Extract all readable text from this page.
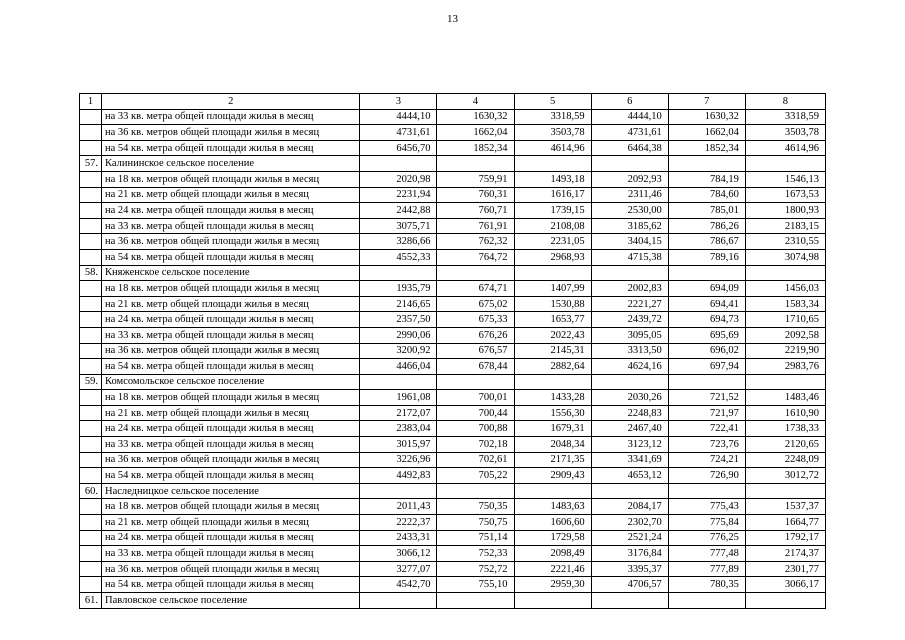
13
1	2	3	4	5	6	7	8
	на 33 кв. метра общей площади жилья в месяц	4444,10	1630,32	3318,59	4444,10	1630,32	3318,59
	на 36 кв. метров общей площади жилья в месяц	4731,61	1662,04	3503,78	4731,61	1662,04	3503,78
	на 54 кв. метра общей площади жилья в месяц	6456,70	1852,34	4614,96	6464,38	1852,34	4614,96
57.	Калининское сельское поселение						
	на 18 кв. метров общей площади жилья в месяц	2020,98	759,91	1493,18	2092,93	784,19	1546,13
	на 21 кв. метр общей площади жилья в месяц	2231,94	760,31	1616,17	2311,46	784,60	1673,53
	на 24 кв. метра общей площади жилья в месяц	2442,88	760,71	1739,15	2530,00	785,01	1800,93
	на 33 кв. метра общей площади жилья в месяц	3075,71	761,91	2108,08	3185,62	786,26	2183,15
	на 36 кв. метров общей площади жилья в месяц	3286,66	762,32	2231,05	3404,15	786,67	2310,55
	на 54 кв. метра общей площади жилья в месяц	4552,33	764,72	2968,93	4715,38	789,16	3074,98
58.	Княженское сельское поселение						
	на 18 кв. метров общей площади жилья в месяц	1935,79	674,71	1407,99	2002,83	694,09	1456,03
	на 21 кв. метр общей площади жилья в месяц	2146,65	675,02	1530,88	2221,27	694,41	1583,34
	на 24 кв. метра общей площади жилья в месяц	2357,50	675,33	1653,77	2439,72	694,73	1710,65
	на 33 кв. метра общей площади жилья в месяц	2990,06	676,26	2022,43	3095,05	695,69	2092,58
	на 36 кв. метров общей площади жилья в месяц	3200,92	676,57	2145,31	3313,50	696,02	2219,90
	на 54 кв. метра общей площади жилья в месяц	4466,04	678,44	2882,64	4624,16	697,94	2983,76
59.	Комсомольское сельское поселение						
	на 18 кв. метров общей площади жилья в месяц	1961,08	700,01	1433,28	2030,26	721,52	1483,46
	на 21 кв. метр общей площади жилья в месяц	2172,07	700,44	1556,30	2248,83	721,97	1610,90
	на 24 кв. метра общей площади жилья в месяц	2383,04	700,88	1679,31	2467,40	722,41	1738,33
	на 33 кв. метра общей площади жилья в месяц	3015,97	702,18	2048,34	3123,12	723,76	2120,65
	на 36 кв. метров общей площади жилья в месяц	3226,96	702,61	2171,35	3341,69	724,21	2248,09
	на 54 кв. метра общей площади жилья в месяц	4492,83	705,22	2909,43	4653,12	726,90	3012,72
60.	Наследницкое сельское поселение						
	на 18 кв. метров общей площади жилья в месяц	2011,43	750,35	1483,63	2084,17	775,43	1537,37
	на 21 кв. метр общей площади жилья в месяц	2222,37	750,75	1606,60	2302,70	775,84	1664,77
	на 24 кв. метра общей площади жилья в месяц	2433,31	751,14	1729,58	2521,24	776,25	1792,17
	на 33 кв. метра общей площади жилья в месяц	3066,12	752,33	2098,49	3176,84	777,48	2174,37
	на 36 кв. метров общей площади жилья в месяц	3277,07	752,72	2221,46	3395,37	777,89	2301,77
	на 54 кв. метра общей площади жилья в месяц	4542,70	755,10	2959,30	4706,57	780,35	3066,17
61.	Павловское сельское поселение						
